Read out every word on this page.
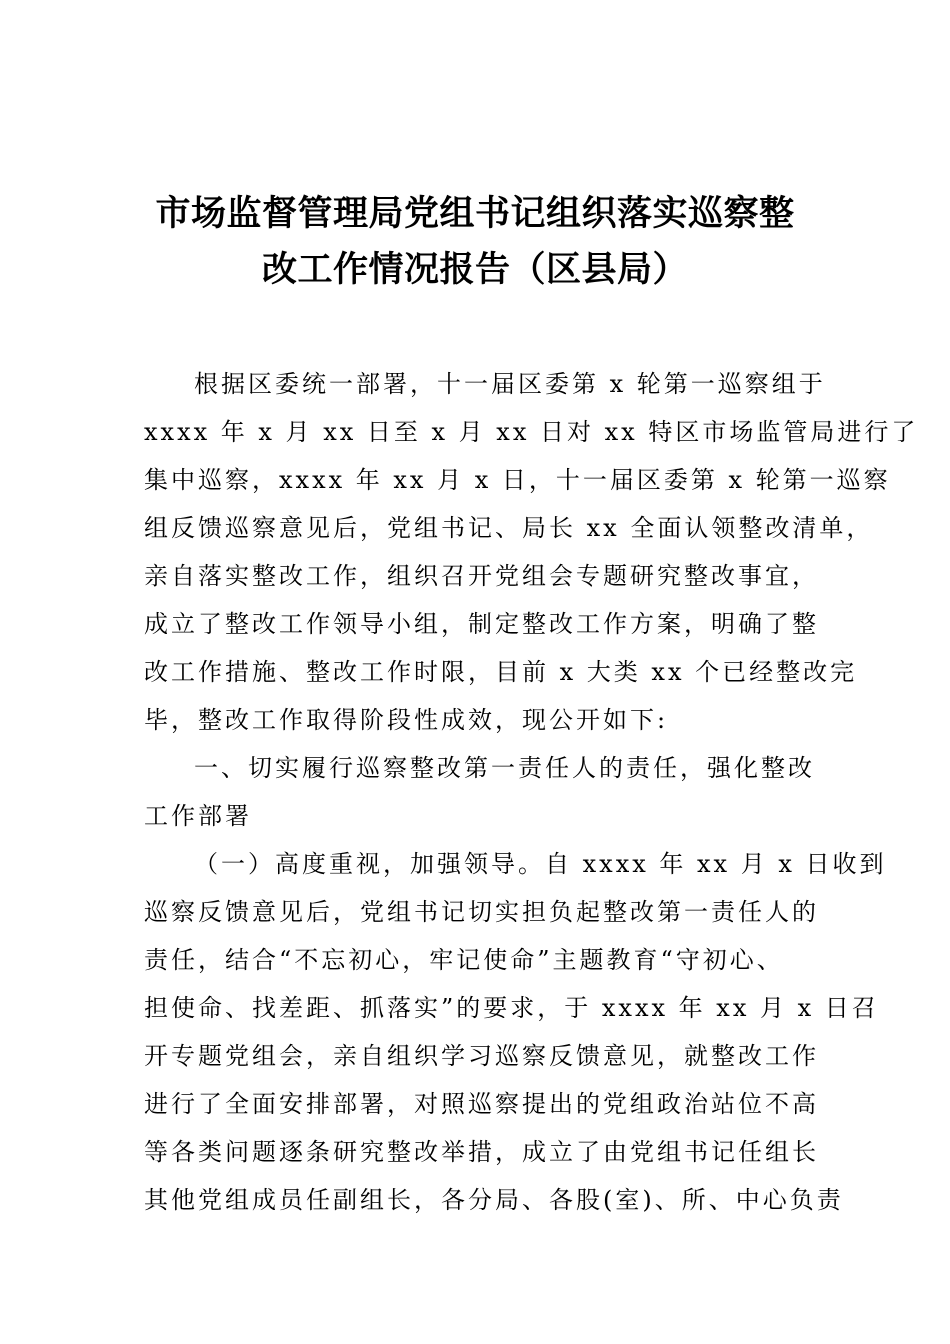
市场监督管理局党组书记组织落实巡察整
改工作情况报告（区县局）
根据区委统一部署，十一届区委第 x 轮第一巡察组于
xxxx 年 x 月 xx 日至 x 月 xx 日对 xx 特区市场监管局进行了
集中巡察，xxxx 年 xx 月 x 日，十一届区委第 x 轮第一巡察
组反馈巡察意见后，党组书记、局长 xx 全面认领整改清单，
亲自落实整改工作，组织召开党组会专题研究整改事宜，
成立了整改工作领导小组，制定整改工作方案，明确了整
改工作措施、整改工作时限，目前 x 大类 xx 个已经整改完
毕，整改工作取得阶段性成效，现公开如下:
一、切实履行巡察整改第一责任人的责任，强化整改
工作部署
（一）高度重视，加强领导。自 xxxx 年 xx 月 x 日收到
巡察反馈意见后，党组书记切实担负起整改第一责任人的
责任，结合“不忘初心，牢记使命”主题教育“守初心、
担使命、找差距、抓落实”的要求，于 xxxx 年 xx 月 x 日召
开专题党组会，亲自组织学习巡察反馈意见，就整改工作
进行了全面安排部署，对照巡察提出的党组政治站位不高
等各类问题逐条研究整改举措，成立了由党组书记任组长
其他党组成员任副组长，各分局、各股(室)、所、中心负责
